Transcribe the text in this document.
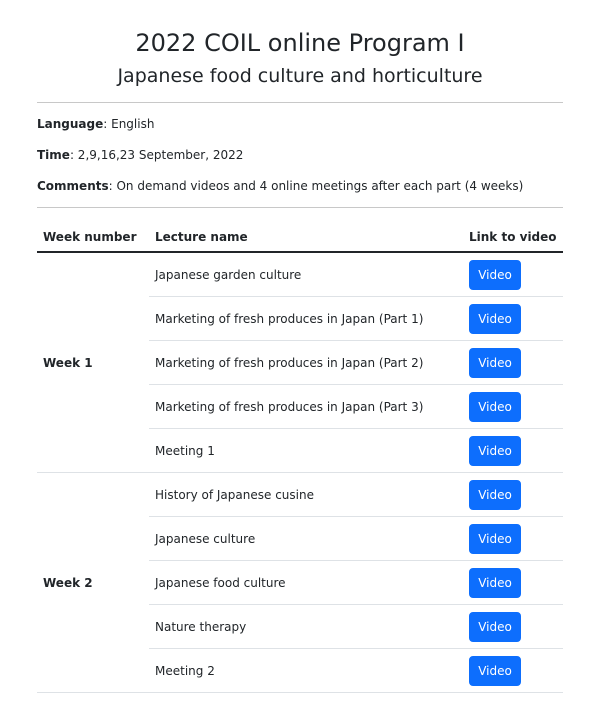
2022 COIL online Program I
Japanese food culture and horticulture

Language: English

Time: 2,9,16,23 September, 2022

Comments: On demand videos and 4 online meetings after each part (4 weeks)

Week number	Lecture name	Link to video
Week 1	Japanese garden culture	Video
	Marketing of fresh produces in Japan (Part 1)	Video
	Marketing of fresh produces in Japan (Part 2)	Video
	Marketing of fresh produces in Japan (Part 3)	Video
	Meeting 1	Video
Week 2	History of Japanese cusine	Video
	Japanese culture	Video
	Japanese food culture	Video
	Nature therapy	Video
	Meeting 2	Video
